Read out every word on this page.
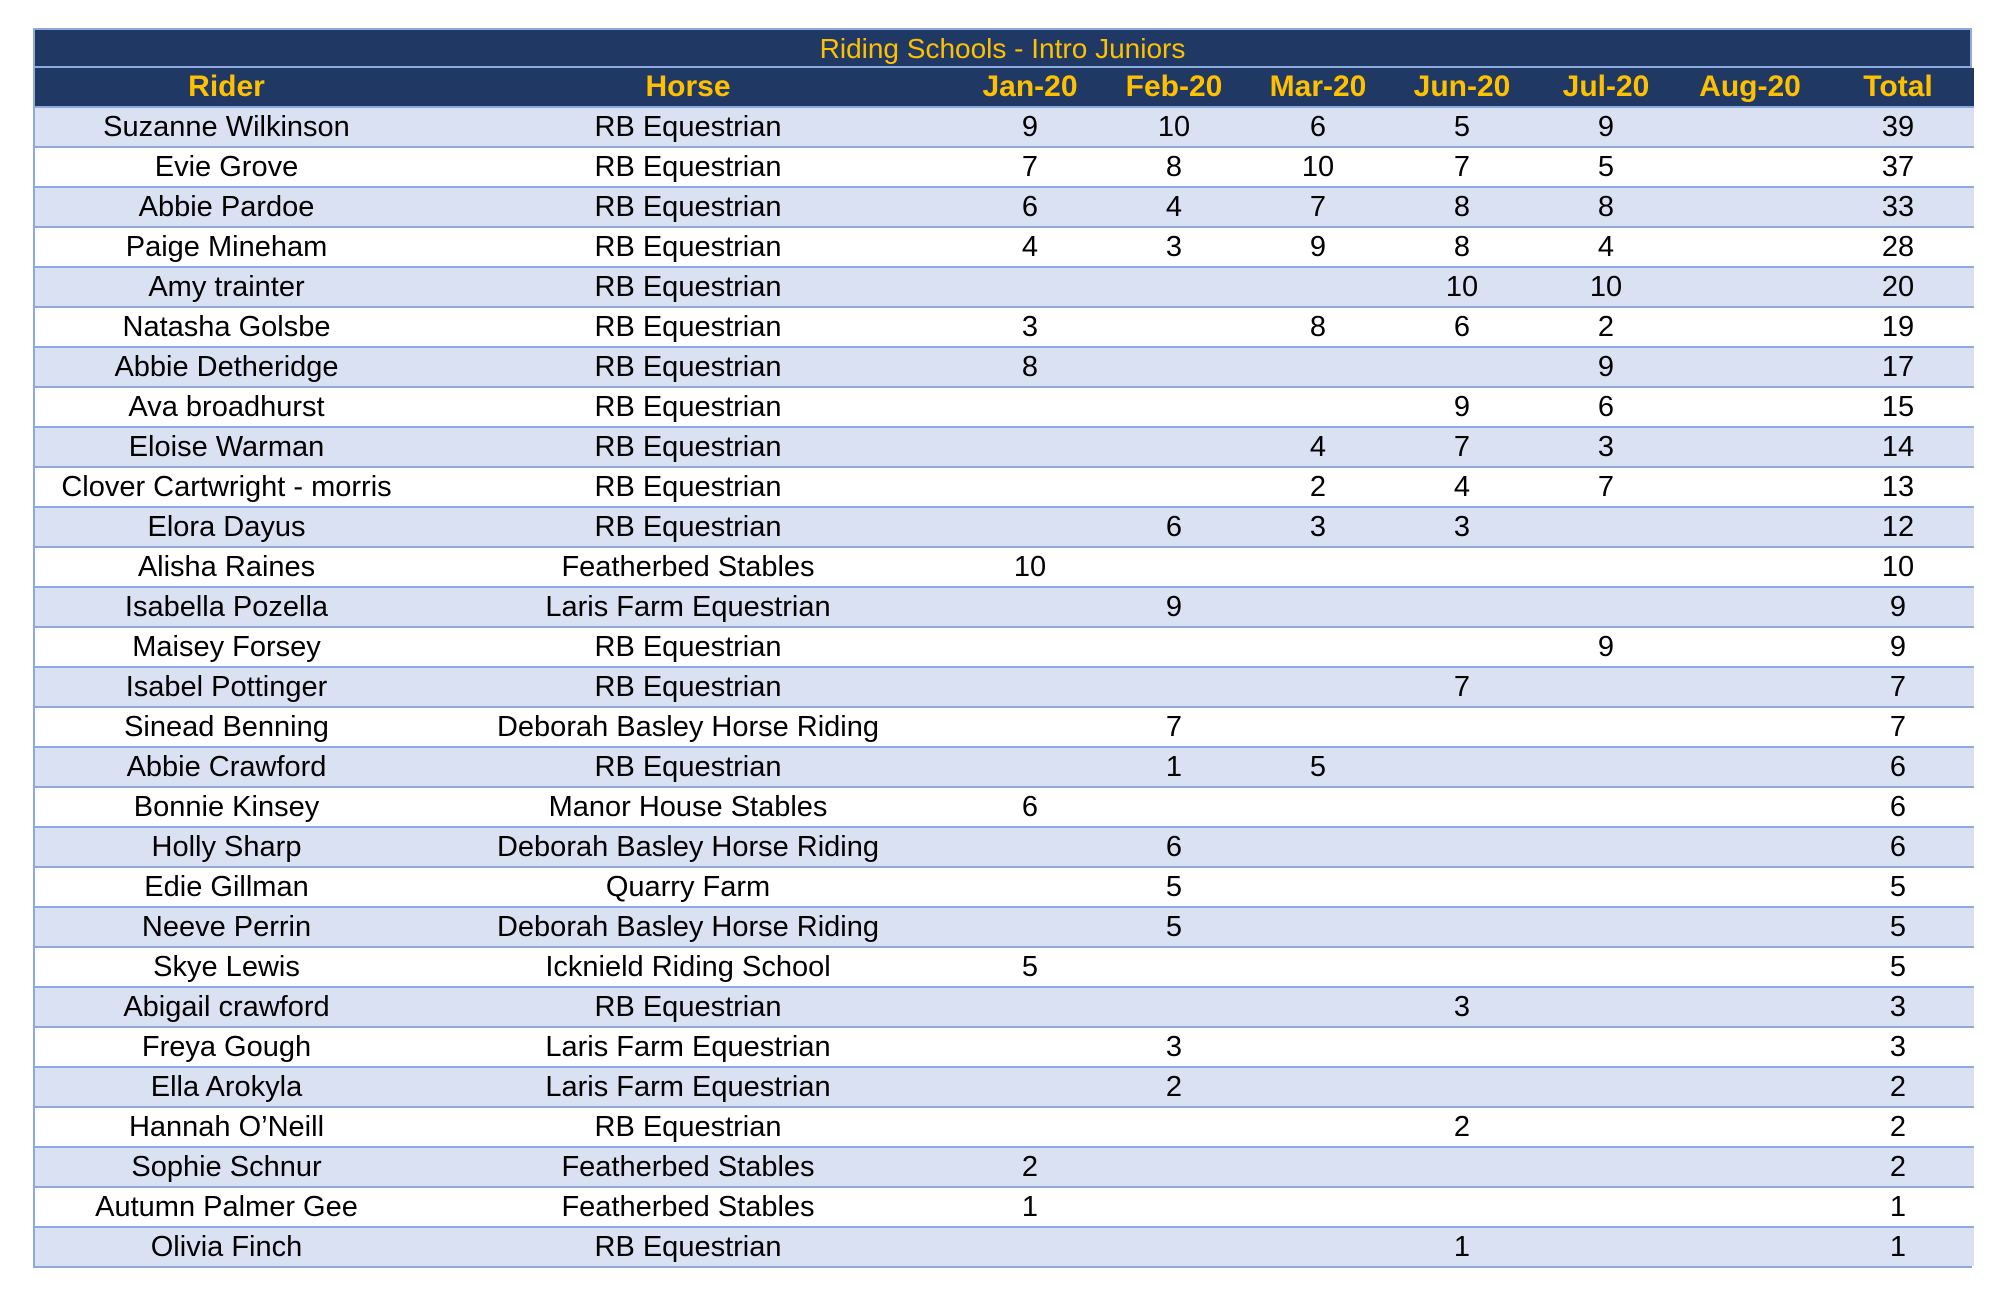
Riding Schools - Intro Juniors
Rider	Horse	Jan-20	Feb-20	Mar-20	Jun-20	Jul-20	Aug-20	Total
Suzanne Wilkinson	RB Equestrian	9	10	6	5	9		39
Evie Grove	RB Equestrian	7	8	10	7	5		37
Abbie Pardoe	RB Equestrian	6	4	7	8	8		33
Paige Mineham	RB Equestrian	4	3	9	8	4		28
Amy trainter	RB Equestrian				10	10		20
Natasha Golsbe	RB Equestrian	3		8	6	2		19
Abbie Detheridge	RB Equestrian	8				9		17
Ava broadhurst	RB Equestrian				9	6		15
Eloise Warman	RB Equestrian			4	7	3		14
Clover Cartwright - morris	RB Equestrian			2	4	7		13
Elora Dayus	RB Equestrian		6	3	3			12
Alisha Raines	Featherbed Stables	10						10
Isabella Pozella	Laris Farm Equestrian		9					9
Maisey Forsey	RB Equestrian					9		9
Isabel Pottinger	RB Equestrian				7			7
Sinead Benning	Deborah Basley Horse Riding		7					7
Abbie Crawford	RB Equestrian		1	5				6
Bonnie Kinsey	Manor House Stables	6						6
Holly Sharp	Deborah Basley Horse Riding		6					6
Edie Gillman	Quarry Farm		5					5
Neeve Perrin	Deborah Basley Horse Riding		5					5
Skye Lewis	Icknield Riding School	5						5
Abigail crawford	RB Equestrian				3			3
Freya Gough	Laris Farm Equestrian		3					3
Ella Arokyla	Laris Farm Equestrian		2					2
Hannah O’Neill	RB Equestrian				2			2
Sophie Schnur	Featherbed Stables	2						2
Autumn Palmer Gee	Featherbed Stables	1						1
Olivia Finch	RB Equestrian				1			1
